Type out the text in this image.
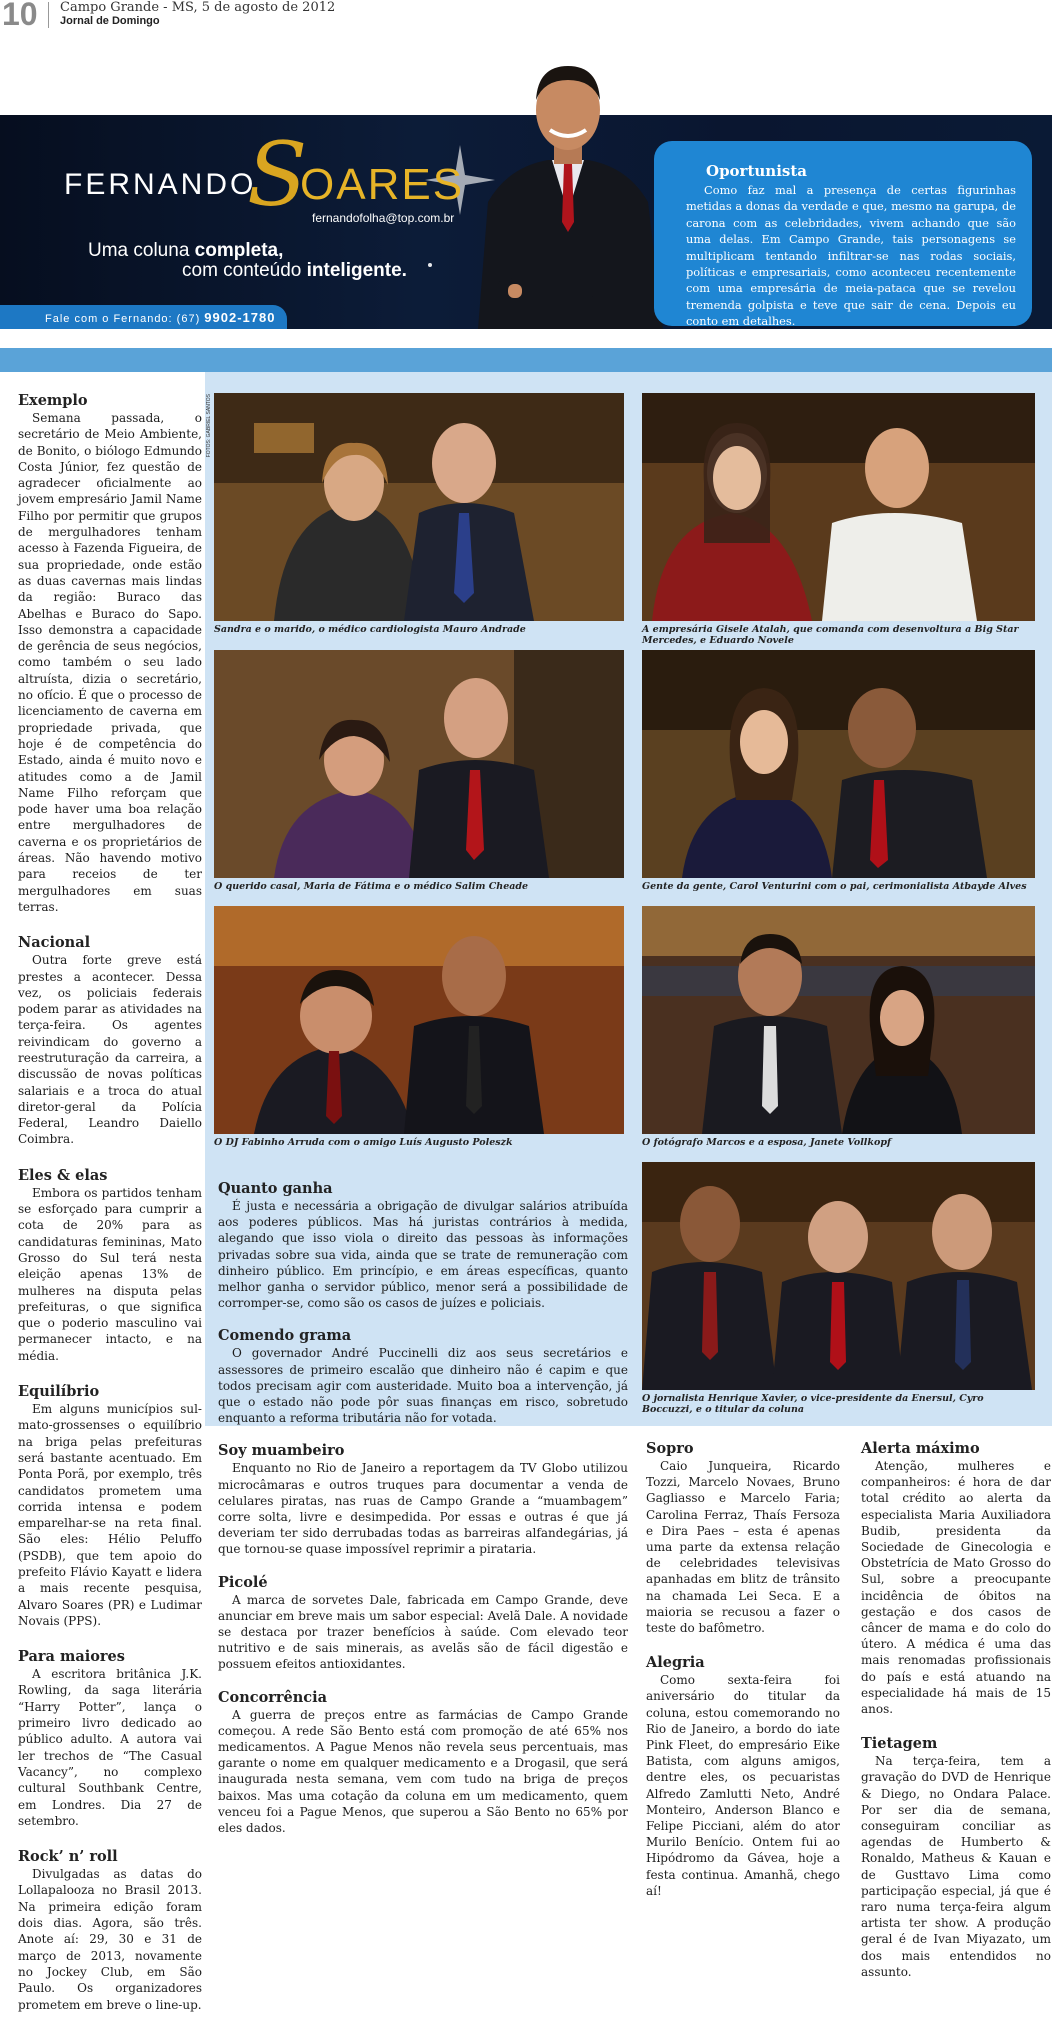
10 Campo Grande - MS, 5 de agosto de 2012
Jornal de Domingo
FERNANDO
S
OARES
fernandofolha@top.com.br
Uma coluna completa,
com conteúdo inteligente.
Fale com o Fernando: (67) 9902-1780
Oportunista
Como faz mal a presença de certas figurinhas metidas a donas da verdade e que, mesmo na garupa, de carona com as celebridades, vivem achando que são uma delas. Em Campo Grande, tais personagens se multiplicam tentando infiltrar-se nas rodas sociais, políticas e empresariais, como aconteceu recentemente com uma empresária de meia-pataca que se revelou tremenda golpista e teve que sair de cena. Depois eu conto em detalhes.
FOTOS: GABRIEL SANTOS
Sandra e o marido, o médico cardiologista Mauro Andrade	A empresária Gisele Atalah, que comanda com desenvoltura a Big Star Mercedes, e Eduardo Novele
O querido casal, Maria de Fátima e o médico Salim Cheade	Gente da gente, Carol Venturini com o pai, cerimonialista Atbayde Alves
O DJ Fabinho Arruda com o amigo Luís Augusto Poleszk	O fotógrafo Marcos e a esposa, Janete Vollkopf
O jornalista Henrique Xavier, o vice-presidente da Enersul, Cyro Boccuzzi, e o titular da coluna
Exemplo

Semana passada, o secretário de Meio Ambiente, de Bonito, o biólogo Edmundo Costa Júnior, fez questão de agradecer oficialmente ao jovem empresário Jamil Name Filho por permitir que grupos de mergulhadores tenham acesso à Fazenda Figueira, de sua propriedade, onde estão as duas cavernas mais lindas da região: Buraco das Abelhas e Buraco do Sapo. Isso demonstra a capacidade de gerência de seus negócios, como também o seu lado altruísta, dizia o secretário, no ofício. É que o processo de licenciamento de caverna em propriedade privada, que hoje é de competência do Estado, ainda é muito novo e atitudes como a de Jamil Name Filho reforçam que pode haver uma boa relação entre mergulhadores de caverna e os proprietários de áreas. Não havendo motivo para receios de ter mergulhadores em suas terras.

Nacional

Outra forte greve está prestes a acontecer. Dessa vez, os policiais federais podem parar as atividades na terça-feira. Os agentes reivindicam do governo a reestruturação da carreira, a discussão de novas políticas salariais e a troca do atual diretor-geral da Polícia Federal, Leandro Daiello Coimbra.

Eles & elas

Embora os partidos tenham se esforçado para cumprir a cota de 20% para as candidaturas femininas, Mato Grosso do Sul terá nesta eleição apenas 13% de mulheres na disputa pelas prefeituras, o que significa que o poderio masculino vai permanecer intacto, e na média.

Equilíbrio

Em alguns municípios sul-mato-grossenses o equilíbrio na briga pelas prefeituras será bastante acentuado. Em Ponta Porã, por exemplo, três candidatos prometem uma corrida intensa e podem emparelhar-se na reta final. São eles: Hélio Peluffo (PSDB), que tem apoio do prefeito Flávio Kayatt e lidera a mais recente pesquisa, Alvaro Soares (PR) e Ludimar Novais (PPS).

Para maiores

A escritora britânica J.K. Rowling, da saga literária “Harry Potter”, lança o primeiro livro dedicado ao público adulto. A autora vai ler trechos de “The Casual Vacancy”, no complexo cultural Southbank Centre, em Londres. Dia 27 de setembro.

Rock’ n’ roll

Divulgadas as datas do Lollapalooza no Brasil 2013. Na primeira edição foram dois dias. Agora, são três. Anote aí: 29, 30 e 31 de março de 2013, novamente no Jockey Club, em São Paulo. Os organizadores prometem em breve o line-up.

Quanto ganha

É justa e necessária a obrigação de divulgar salários atribuída aos poderes públicos. Mas há juristas contrários à medida, alegando que isso viola o direito das pessoas às informações privadas sobre sua vida, ainda que se trate de remuneração com dinheiro público. Em princípio, e em áreas específicas, quanto melhor ganha o servidor público, menor será a possibilidade de corromper-se, como são os casos de juízes e policiais.

Comendo grama

O governador André Puccinelli diz aos seus secretários e assessores de primeiro escalão que dinheiro não é capim e que todos precisam agir com austeridade. Muito boa a intervenção, já que o estado não pode pôr suas finanças em risco, sobretudo enquanto a reforma tributária não for votada.

Soy muambeiro

Enquanto no Rio de Janeiro a reportagem da TV Globo utilizou microcâmaras e outros truques para documentar a venda de celulares piratas, nas ruas de Campo Grande a “muambagem” corre solta, livre e desimpedida. Por essas e outras é que já deveriam ter sido derrubadas todas as barreiras alfandegárias, já que tornou-se quase impossível reprimir a pirataria.

Picolé

A marca de sorvetes Dale, fabricada em Campo Grande, deve anunciar em breve mais um sabor especial: Avelã Dale. A novidade se destaca por trazer benefícios à saúde. Com elevado teor nutritivo e de sais minerais, as avelãs são de fácil digestão e possuem efeitos antioxidantes.

Concorrência

A guerra de preços entre as farmácias de Campo Grande começou. A rede São Bento está com promoção de até 65% nos medicamentos. A Pague Menos não revela seus percentuais, mas garante o nome em qualquer medicamento e a Drogasil, que será inaugurada nesta semana, vem com tudo na briga de preços baixos. Mas uma cotação da coluna em um medicamento, quem venceu foi a Pague Menos, que superou a São Bento no 65% por eles dados.

Sopro

Caio Junqueira, Ricardo Tozzi, Marcelo Novaes, Bruno Gagliasso e Marcelo Faria; Carolina Ferraz, Thaís Fersoza e Dira Paes – esta é apenas uma parte da extensa relação de celebridades televisivas apanhadas em blitz de trânsito na chamada Lei Seca. E a maioria se recusou a fazer o teste do bafômetro.

Alegria

Como sexta-feira foi aniversário do titular da coluna, estou comemorando no Rio de Janeiro, a bordo do iate Pink Fleet, do empresário Eike Batista, com alguns amigos, dentre eles, os pecuaristas Alfredo Zamlutti Neto, André Monteiro, Anderson Blanco e Felipe Picciani, além do ator Murilo Benício. Ontem fui ao Hipódromo da Gávea, hoje a festa continua. Amanhã, chego aí!

Alerta máximo

Atenção, mulheres e companheiros: é hora de dar total crédito ao alerta da especialista Maria Auxiliadora Budib, presidenta da Sociedade de Ginecologia e Obstetrícia de Mato Grosso do Sul, sobre a preocupante incidência de óbitos na gestação e dos casos de câncer de mama e do colo do útero. A médica é uma das mais renomadas profissionais do país e está atuando na especialidade há mais de 15 anos.

Tietagem

Na terça-feira, tem a gravação do DVD de Henrique & Diego, no Ondara Palace. Por ser dia de semana, conseguiram conciliar as agendas de Humberto & Ronaldo, Matheus & Kauan e de Gusttavo Lima como participação especial, já que é raro numa terça-feira algum artista ter show. A produção geral é de Ivan Miyazato, um dos mais entendidos no assunto.
